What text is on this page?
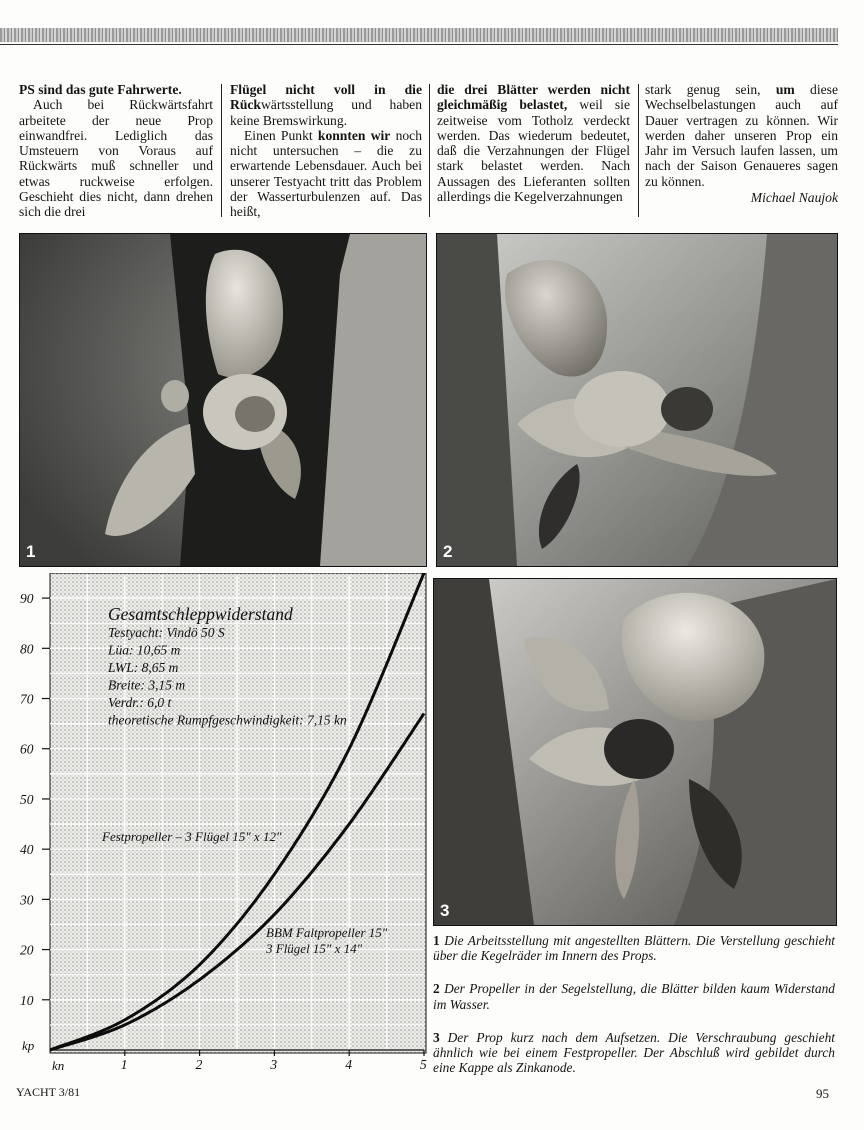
PS sind das gute Fahrwerte.

Auch bei Rückwärtsfahrt arbeitete der neue Prop einwandfrei. Lediglich das Umsteuern von Voraus auf Rückwärts muß schneller und etwas ruckweise erfolgen. Geschieht dies nicht, dann drehen sich die drei

Flügel nicht voll in die Rückwärtsstellung und haben keine Bremswirkung.

Einen Punkt konnten wir noch nicht untersuchen – die zu erwartende Lebensdauer. Auch bei unserer Testyacht tritt das Problem der Wasserturbulenzen auf. Das heißt,

die drei Blätter werden nicht gleichmäßig belastet, weil sie zeitweise vom Totholz verdeckt werden. Das wiederum bedeutet, daß die Verzahnungen der Flügel stark belastet werden. Nach Aussagen des Lieferanten sollten allerdings die Kegelverzahnungen

stark genug sein, um diese Wechselbelastungen auch auf Dauer vertragen zu können. Wir werden daher unseren Prop ein Jahr im Versuch laufen lassen, um nach der Saison Genaueres sagen zu können.

Michael Naujok
1	2
3
10
20
30
40
50
60
70
80
90
1	2	3	4	5
Gesamtschleppwiderstand
Testyacht: Vindö 50 S
Lüa: 10,65 m
LWL: 8,65 m
Breite: 3,15 m
Verdr.: 6,0 t
theoretische Rumpfgeschwindigkeit: 7,15 kn
Festpropeller – 3 Flügel 15" x 12"
BBM Faltpropeller 15"
3 Flügel 15" x 14"
kp
kn

1 Die Arbeitsstellung mit angestellten Blättern. Die Verstellung geschieht über die Kegelräder im Innern des Props.

2 Der Propeller in der Segelstellung, die Blätter bilden kaum Widerstand im Wasser.

3 Der Prop kurz nach dem Aufsetzen. Die Verschraubung geschieht ähnlich wie bei einem Festpropeller. Der Abschluß wird gebildet durch eine Kappe als Zinkanode.

YACHT 3/81	95
